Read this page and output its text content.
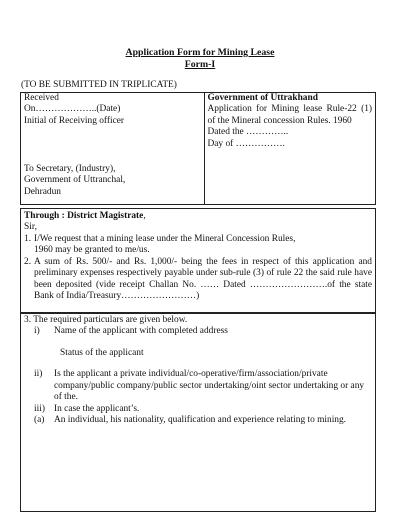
Application Form for Mining Lease
Form-I
(TO BE SUBMITTED IN TRIPLICATE)
Received
On………………..(Date)
Initial of Receiving officer
To Secretary, (Industry),
Government of Uttranchal,
Dehradun

Government of Uttrakhand
Application for Mining lease Rule-22 (1) of the Mineral concession Rules. 1960
Dated the …………..
Day of …………….
Through : District Magistrate,
Sir,
1. I/We request that a mining lease under the Mineral Concession Rules,
1960 may be granted to me/us.
2. A sum of Rs. 500/- and Rs. 1,000/- being the fees in respect of this application and preliminary expenses respectively payable under sub-rule (3) of rule 22 the said rule have been deposited (vide receipt Challan No. …… Dated …………………….of the state Bank of India/Treasury……………………)
3. The required particulars are given below.
i)	Name of the applicant with completed address
Status of the applicant
ii)	Is the applicant a private individual/co-operative/firm/association/private company/public company/public sector undertaking/oint sector undertaking or any of the.
iii) In case the applicant’s.
(a)	An individual, his nationality, qualification and experience relating to mining.
